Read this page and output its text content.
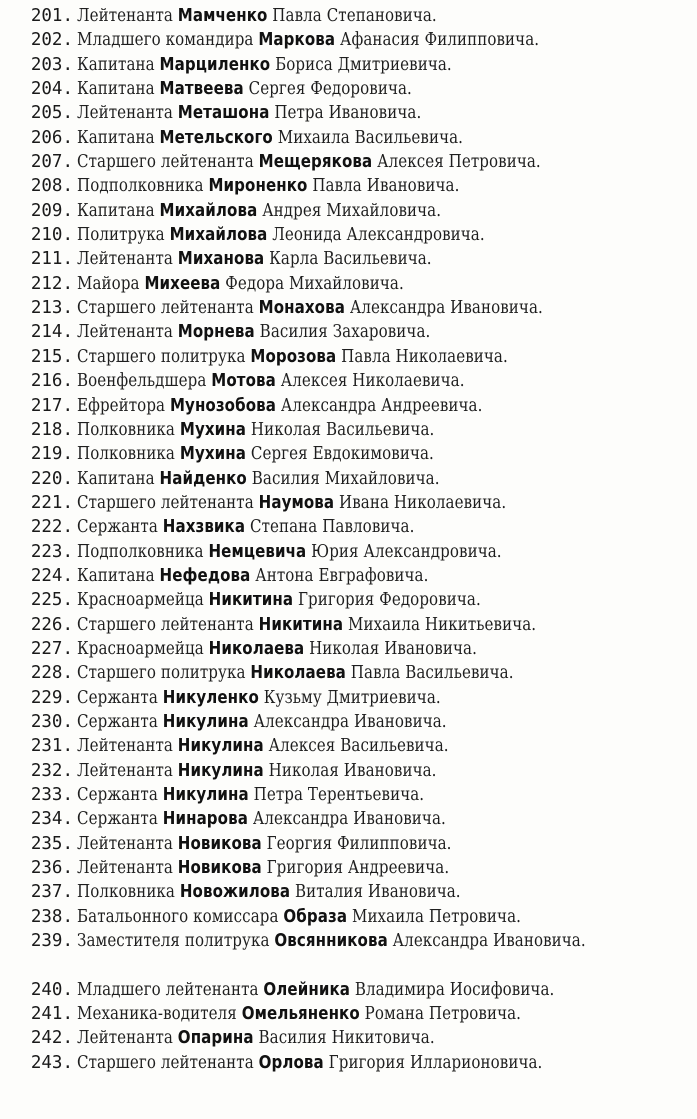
201. Лейтенанта Мамченко Павла Степановича.
202. Младшего командира Маркова Афанасия Филипповича.
203. Капитана Марциленко Бориса Дмитриевича.
204. Капитана Матвеева Сергея Федоровича.
205. Лейтенанта Меташона Петра Ивановича.
206. Капитана Метельского Михаила Васильевича.
207. Старшего лейтенанта Мещерякова Алексея Петровича.
208. Подполковника Мироненко Павла Ивановича.
209. Капитана Михайлова Андрея Михайловича.
210. Политрука Михайлова Леонида Александровича.
211. Лейтенанта Миханова Карла Васильевича.
212. Майора Михеева Федора Михайловича.
213. Старшего лейтенанта Монахова Александра Ивановича.
214. Лейтенанта Морнева Василия Захаровича.
215. Старшего политрука Морозова Павла Николаевича.
216. Военфельдшера Мотова Алексея Николаевича.
217. Ефрейтора Мунозобова Александра Андреевича.
218. Полковника Мухина Николая Васильевича.
219. Полковника Мухина Сергея Евдокимовича.
220. Капитана Найденко Василия Михайловича.
221. Старшего лейтенанта Наумова Ивана Николаевича.
222. Сержанта Нахзвика Степана Павловича.
223. Подполковника Немцевича Юрия Александровича.
224. Капитана Нефедова Антона Евграфовича.
225. Красноармейца Никитина Григория Федоровича.
226. Старшего лейтенанта Никитина Михаила Никитьевича.
227. Красноармейца Николаева Николая Ивановича.
228. Старшего политрука Николаева Павла Васильевича.
229. Сержанта Никуленко Кузьму Дмитриевича.
230. Сержанта Никулина Александра Ивановича.
231. Лейтенанта Никулина Алексея Васильевича.
232. Лейтенанта Никулина Николая Ивановича.
233. Сержанта Никулина Петра Терентьевича.
234. Сержанта Нинарова Александра Ивановича.
235. Лейтенанта Новикова Георгия Филипповича.
236. Лейтенанта Новикова Григория Андреевича.
237. Полковника Новожилова Виталия Ивановича.
238. Батальонного комиссара Образа Михаила Петровича.
239. Заместителя политрука Овсянникова Александра Ивановича.
240. Младшего лейтенанта Олейника Владимира Иосифовича.
241. Механика-водителя Омельяненко Романа Петровича.
242. Лейтенанта Опарина Василия Никитовича.
243. Старшего лейтенанта Орлова Григория Илларионовича.
